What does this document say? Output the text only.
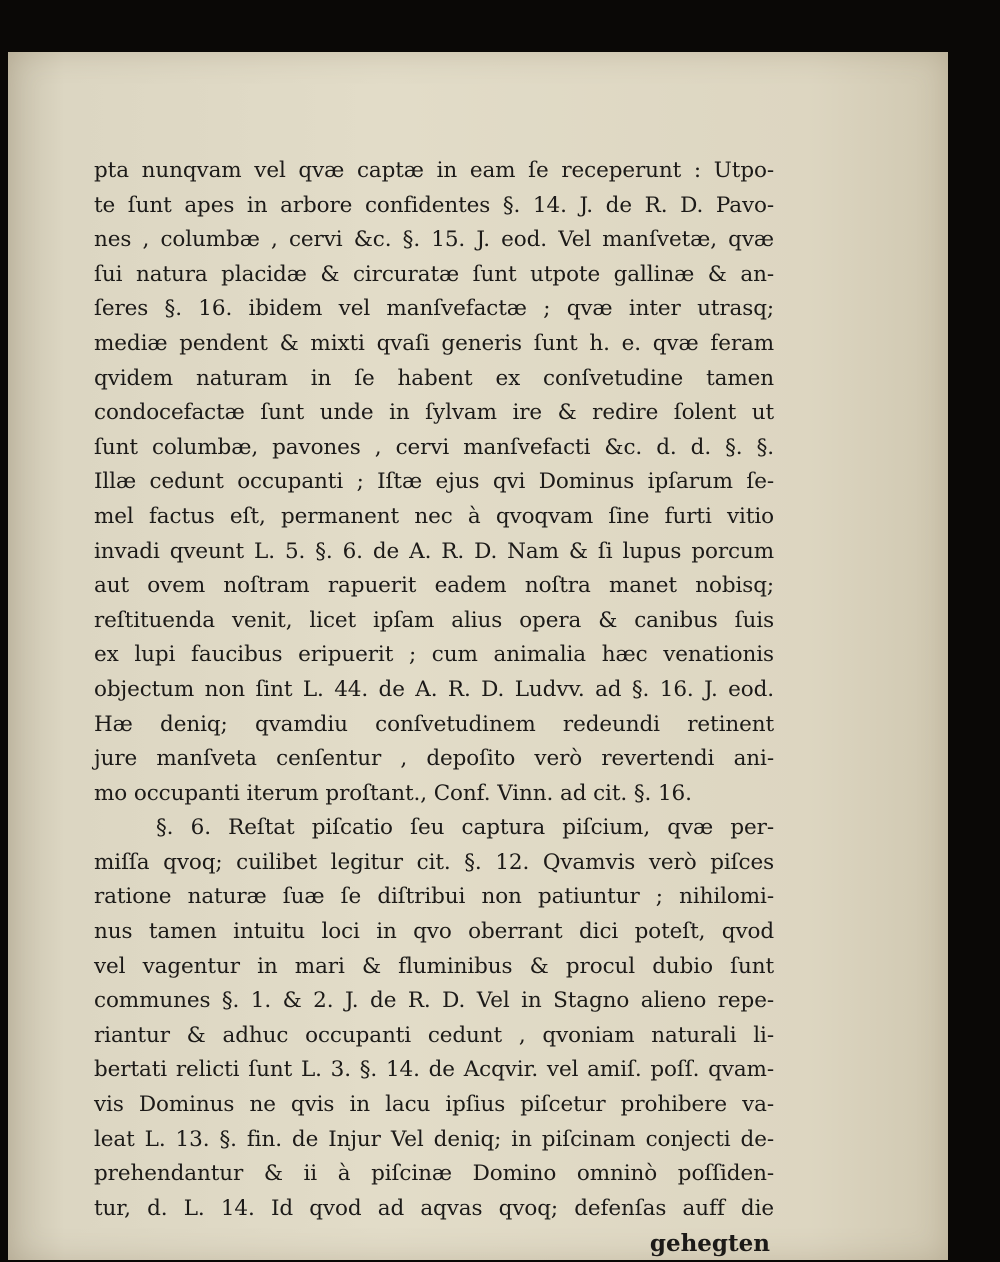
pta nunqvam vel qvæ captæ in eam ſe receperunt : Utpo-
te ſunt apes in arbore confidentes §. 14. J. de R. D. Pavo-
nes , columbæ , cervi &c. §. 15. J. eod. Vel manſvetæ, qvæ
ſui natura placidæ & circuratæ ſunt utpote gallinæ & an-
ſeres §. 16. ibidem vel manſvefactæ ; qvæ inter utrasq;
mediæ pendent & mixti qvaſi generis ſunt h. e. qvæ feram
qvidem naturam in ſe habent ex conſvetudine tamen
condocefactæ ſunt unde in ſylvam ire & redire ſolent ut
ſunt columbæ, pavones , cervi manſvefacti &c. d. d. §. §.
Illæ cedunt occupanti ; Iſtæ ejus qvi Dominus ipſarum ſe-
mel factus eſt, permanent nec à qvoqvam ſine furti vitio
invadi qveunt L. 5. §. 6. de A. R. D. Nam & ſi lupus porcum
aut ovem noſtram rapuerit eadem noſtra manet nobisq;
reſtituenda venit, licet ipſam alius opera & canibus ſuis
ex lupi faucibus eripuerit ; cum animalia hæc venationis
objectum non ſint L. 44. de A. R. D. Ludvv. ad §. 16. J. eod.
Hæ deniq; qvamdiu conſvetudinem redeundi retinent
jure manſveta cenſentur , depoſito verò revertendi ani-
mo occupanti iterum proſtant., Conf. Vinn. ad cit. §. 16.
§. 6. Reſtat piſcatio ſeu captura piſcium, qvæ per-
miſſa qvoq; cuilibet legitur cit. §. 12. Qvamvis verò piſces
ratione naturæ ſuæ ſe diſtribui non patiuntur ; nihilomi-
nus tamen intuitu loci in qvo oberrant dici poteſt, qvod
vel vagentur in mari & fluminibus & procul dubio ſunt
communes §. 1. & 2. J. de R. D. Vel in Stagno alieno repe-
riantur & adhuc occupanti cedunt , qvoniam naturali li-
bertati relicti ſunt L. 3. §. 14. de Acqvir. vel amiſ. poſſ. qvam-
vis Dominus ne qvis in lacu ipſius piſcetur prohibere va-
leat L. 13. §. fin. de Injur Vel deniq; in piſcinam conjecti de-
prehendantur & ii à piſcinæ Domino omninò poſſiden-
tur, d. L. 14. Id qvod ad aqvas qvoq; defenſas auff die
gehegten
